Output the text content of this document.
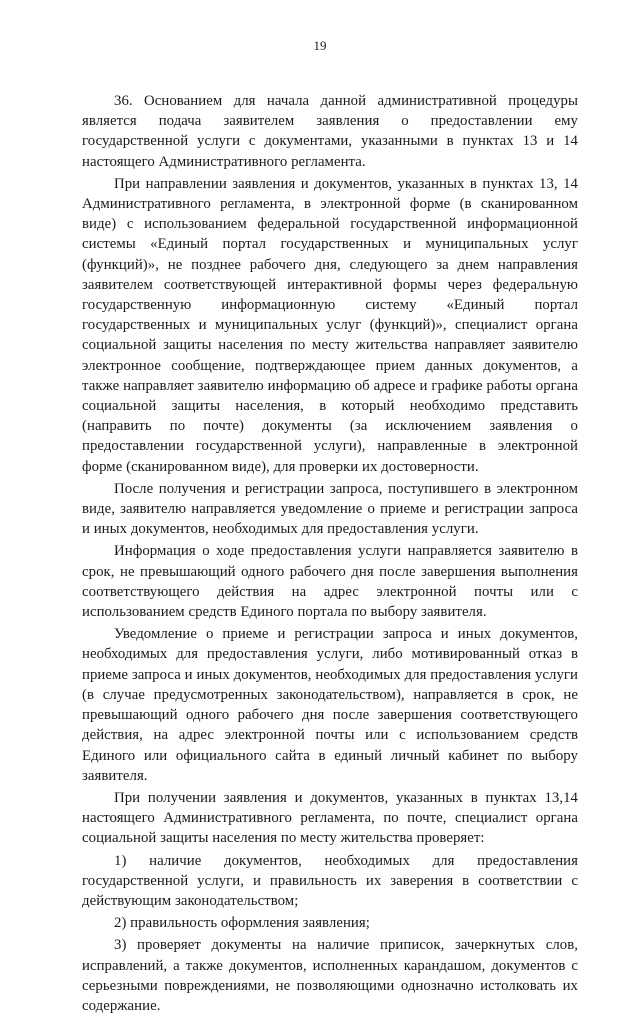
19

36. Основанием для начала данной административной процедуры является подача заявителем заявления о предоставлении ему государственной услуги с документами, указанными в пунктах 13 и 14 настоящего Административного регламента.

При направлении заявления и документов, указанных в пунктах 13, 14 Административного регламента, в электронной форме (в сканированном виде) с использованием федеральной государственной информационной системы «Единый портал государственных и муниципальных услуг (функций)», не позднее рабочего дня, следующего за днем направления заявителем соответствующей интерактивной формы через федеральную государственную информационную систему «Единый портал государственных и муниципальных услуг (функций)», специалист органа социальной защиты населения по месту жительства направляет заявителю электронное сообщение, подтверждающее прием данных документов, а также направляет заявителю информацию об адресе и графике работы органа социальной защиты населения, в который необходимо представить (направить по почте) документы (за исключением заявления о предоставлении государственной услуги), направленные в электронной форме (сканированном виде), для проверки их достоверности.

После получения и регистрации запроса, поступившего в электронном виде, заявителю направляется уведомление о приеме и регистрации запроса и иных документов, необходимых для предоставления услуги.

Информация о ходе предоставления услуги направляется заявителю в срок, не превышающий одного рабочего дня после завершения выполнения соответствующего действия на адрес электронной почты или с использованием средств Единого портала по выбору заявителя.

Уведомление о приеме и регистрации запроса и иных документов, необходимых для предоставления услуги, либо мотивированный отказ в приеме запроса и иных документов, необходимых для предоставления услуги (в случае предусмотренных законодательством), направляется в срок, не превышающий одного рабочего дня после завершения соответствующего действия, на адрес электронной почты или с использованием средств Единого или официального сайта в единый личный кабинет по выбору заявителя.

При получении заявления и документов, указанных в пунктах 13,14 настоящего Административного регламента, по почте, специалист органа социальной защиты населения по месту жительства проверяет:

1) наличие документов, необходимых для предоставления государственной услуги, и правильность их заверения в соответствии с действующим законодательством;

2) правильность оформления заявления;

3) проверяет документы на наличие приписок, зачеркнутых слов, исправлений, а также документов, исполненных карандашом, документов с серьезными повреждениями, не позволяющими однозначно истолковать их содержание.
